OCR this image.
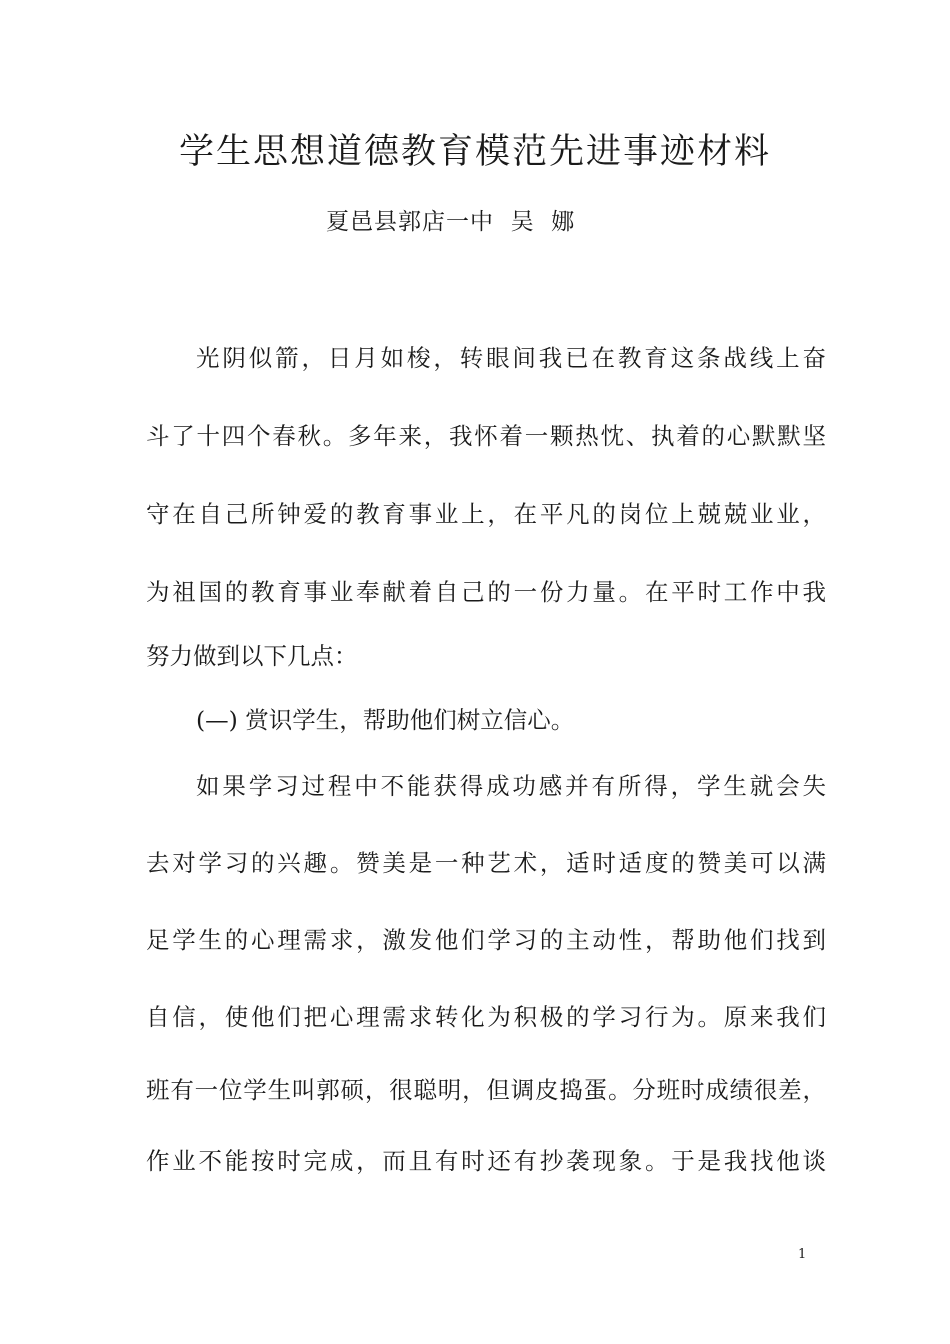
学生思想道德教育模范先进事迹材料
夏邑县郭店一中  吴  娜
光阴似箭，日月如梭，转眼间我已在教育这条战线上奋
斗了十四个春秋。多年来，我怀着一颗热忱、执着的心默默坚
守在自己所钟爱的教育事业上，在平凡的岗位上兢兢业业，
为祖国的教育事业奉献着自己的一份力量。在平时工作中我
努力做到以下几点：
(—) 赏识学生，帮助他们树立信心。
如果学习过程中不能获得成功感并有所得，学生就会失
去对学习的兴趣。赞美是一种艺术，适时适度的赞美可以满
足学生的心理需求，激发他们学习的主动性，帮助他们找到
自信，使他们把心理需求转化为积极的学习行为。原来我们
班有一位学生叫郭硕，很聪明，但调皮捣蛋。分班时成绩很差，
作业不能按时完成，而且有时还有抄袭现象。于是我找他谈
1
